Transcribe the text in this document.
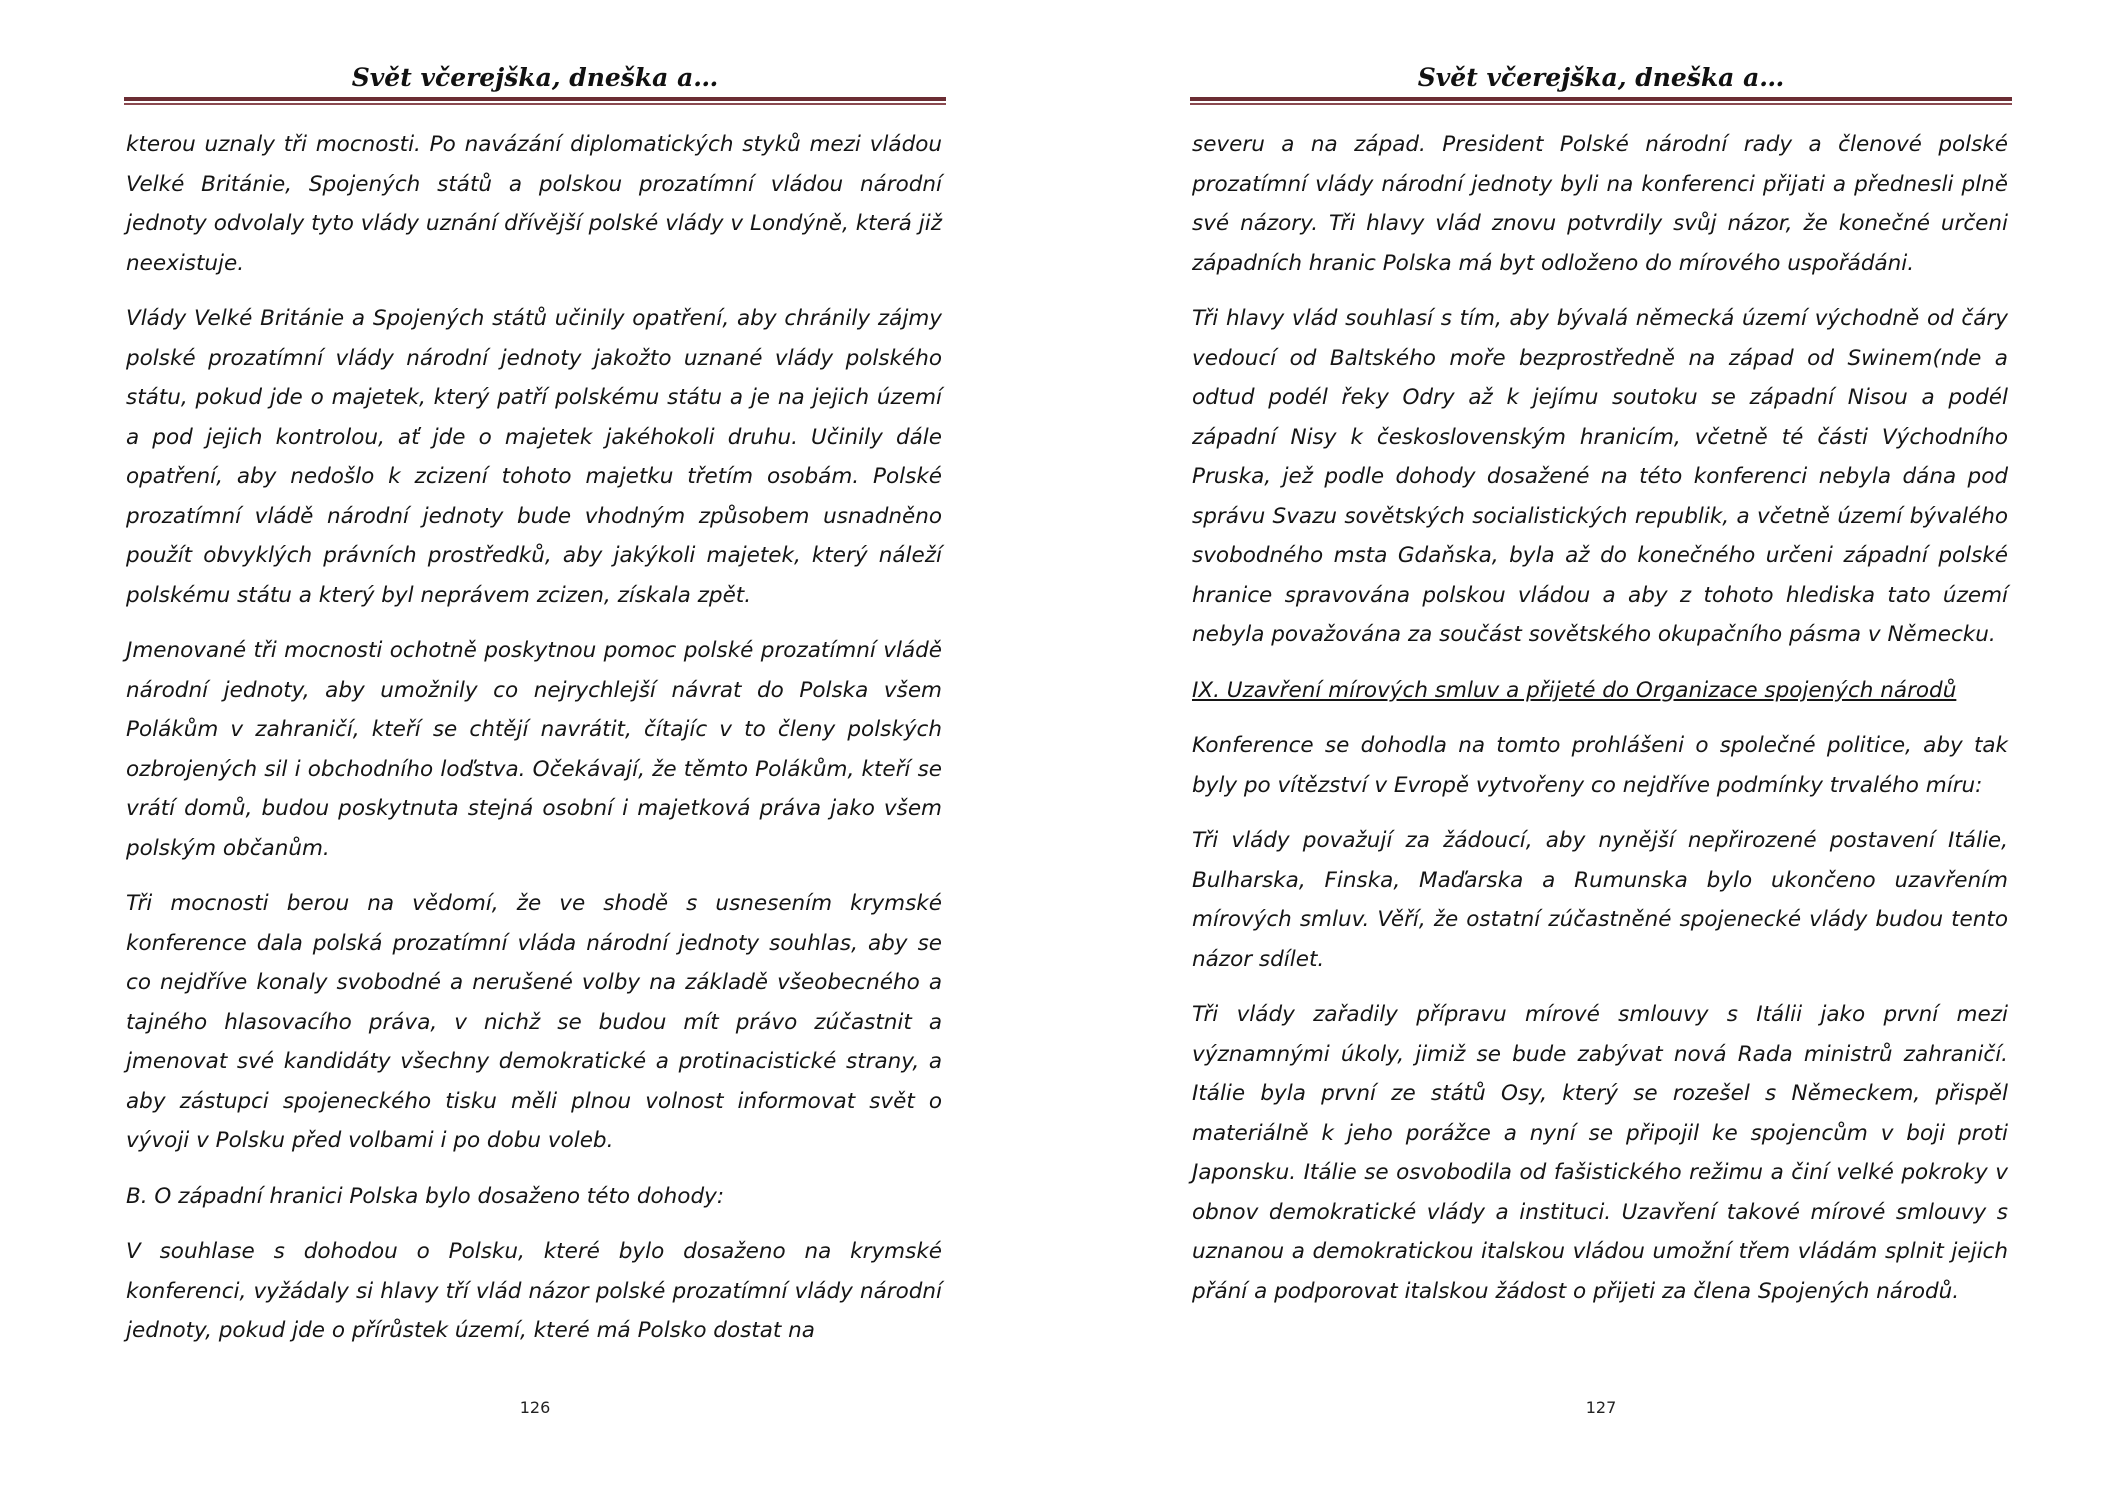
Svět včerejška, dneška a…

kterou uznaly tři mocnosti. Po navázání diplomatických styků mezi vládou Velké Británie, Spojených států a polskou prozatímní vládou národní jednoty odvolaly tyto vlády uznání dřívější polské vlády v Londýně, která již neexistuje.

Vlády Velké Británie a Spojených států učinily opatření, aby chránily zájmy polské prozatímní vlády národní jednoty jakožto uznané vlády polského státu, pokud jde o majetek, který patří polskému státu a je na jejich území a pod jejich kontrolou, ať jde o majetek jakéhokoli druhu. Učinily dále opatření, aby nedošlo k zcizení tohoto majetku třetím osobám. Polské prozatímní vládě národní jednoty bude vhodným způsobem usnadněno použít obvyklých právních prostředků, aby jakýkoli majetek, který náleží polskému státu a který byl neprávem zcizen, získala zpět.

Jmenované tři mocnosti ochotně poskytnou pomoc polské prozatímní vládě národní jednoty, aby umožnily co nejrychlejší návrat do Polska všem Polákům v zahraničí, kteří se chtějí navrátit, čítajíc v to členy polských ozbrojených sil i obchodního loďstva. Očekávají, že těmto Polákům, kteří se vrátí domů, budou poskytnuta stejná osobní i majetková práva jako všem polským občanům.

Tři mocnosti berou na vědomí, že ve shodě s usnesením krymské konference dala polská prozatímní vláda národní jednoty souhlas, aby se co nejdříve konaly svobodné a nerušené volby na základě všeobecného a tajného hlasovacího práva, v nichž se budou mít právo zúčastnit a jmenovat své kandidáty všechny demokratické a protinacistické strany, a aby zástupci spojeneckého tisku měli plnou volnost informovat svět o vývoji v Polsku před volbami i po dobu voleb.

B. O západní hranici Polska bylo dosaženo této dohody:

V souhlase s dohodou o Polsku, které bylo dosaženo na krymské konferenci, vyžádaly si hlavy tří vlád názor polské prozatímní vlády národní jednoty, pokud jde o přírůstek území, které má Polsko dostat na

126
Svět včerejška, dneška a…

severu a na západ. President Polské národní rady a členové polské prozatímní vlády národní jednoty byli na konferenci přijati a přednesli plně své názory. Tři hlavy vlád znovu potvrdily svůj názor, že konečné určeni západních hranic Polska má byt odloženo do mírového uspořádáni.

Tři hlavy vlád souhlasí s tím, aby bývalá německá území východně od čáry vedoucí od Baltského moře bezprostředně na západ od Swinem(nde a odtud podél řeky Odry až k jejímu soutoku se západní Nisou a podél západní Nisy k československým hranicím, včetně té části Východního Pruska, jež podle dohody dosažené na této konferenci nebyla dána pod správu Svazu sovětských socialistických republik, a včetně území bývalého svobodného msta Gdaňska, byla až do konečného určeni západní polské hranice spravována polskou vládou a aby z tohoto hlediska tato území nebyla považována za součást sovětského okupačního pásma v Německu.

IX. Uzavření mírových smluv a přijeté do Organizace spojených národů

Konference se dohodla na tomto prohlášeni o společné politice, aby tak byly po vítězství v Evropě vytvořeny co nejdříve podmínky trvalého míru:

Tři vlády považují za žádoucí, aby nynější nepřirozené postavení Itálie, Bulharska, Finska, Maďarska a Rumunska bylo ukončeno uzavřením mírových smluv. Věří, že ostatní zúčastněné spojenecké vlády budou tento názor sdílet.

Tři vlády zařadily přípravu mírové smlouvy s Itálii jako první mezi významnými úkoly, jimiž se bude zabývat nová Rada ministrů zahraničí. Itálie byla první ze států Osy, který se rozešel s Německem, přispěl materiálně k jeho porážce a nyní se připojil ke spojencům v boji proti Japonsku. Itálie se osvobodila od fašistického režimu a činí velké pokroky v obnov demokratické vlády a instituci. Uzavření takové mírové smlouvy s uznanou a demokratickou italskou vládou umožní třem vládám splnit jejich přání a podporovat italskou žádost o přijeti za člena Spojených národů.

127
